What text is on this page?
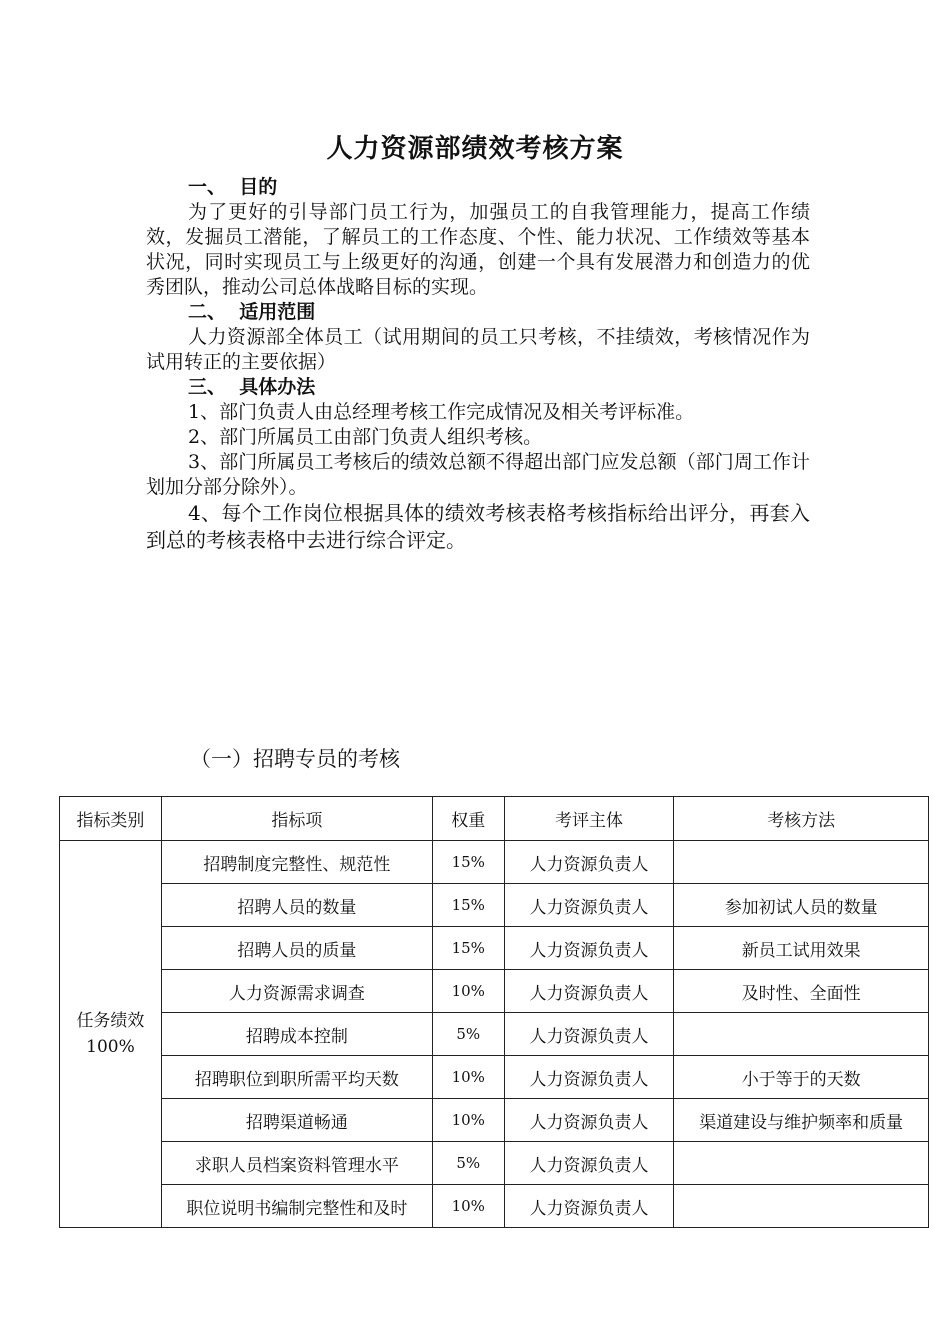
人力资源部绩效考核方案
一、  目的
为了更好的引导部门员工行为，加强员工的自我管理能力，提高工作绩效，发掘员工潜能，了解员工的工作态度、个性、能力状况、工作绩效等基本状况，同时实现员工与上级更好的沟通，创建一个具有发展潜力和创造力的优秀团队，推动公司总体战略目标的实现。
二、  适用范围
人力资源部全体员工（试用期间的员工只考核，不挂绩效，考核情况作为试用转正的主要依据）
三、  具体办法
1、部门负责人由总经理考核工作完成情况及相关考评标准。
2、部门所属员工由部门负责人组织考核。
3、部门所属员工考核后的绩效总额不得超出部门应发总额（部门周工作计划加分部分除外）。
4、每个工作岗位根据具体的绩效考核表格考核指标给出评分，再套入到总的考核表格中去进行综合评定。
（一）招聘专员的考核
指标类别	指标项	权重	考评主体	考核方法

任务绩效
100%	招聘制度完整性、规范性	15%	人力资源负责人	
	招聘人员的数量	15%	人力资源负责人	参加初试人员的数量
	招聘人员的质量	15%	人力资源负责人	新员工试用效果
	人力资源需求调查	10%	人力资源负责人	及时性、全面性
	招聘成本控制	5%	人力资源负责人	
	招聘职位到职所需平均天数	10%	人力资源负责人	小于等于的天数
	招聘渠道畅通	10%	人力资源负责人	渠道建设与维护频率和质量
	求职人员档案资料管理水平	5%	人力资源负责人	
	职位说明书编制完整性和及时	10%	人力资源负责人	
